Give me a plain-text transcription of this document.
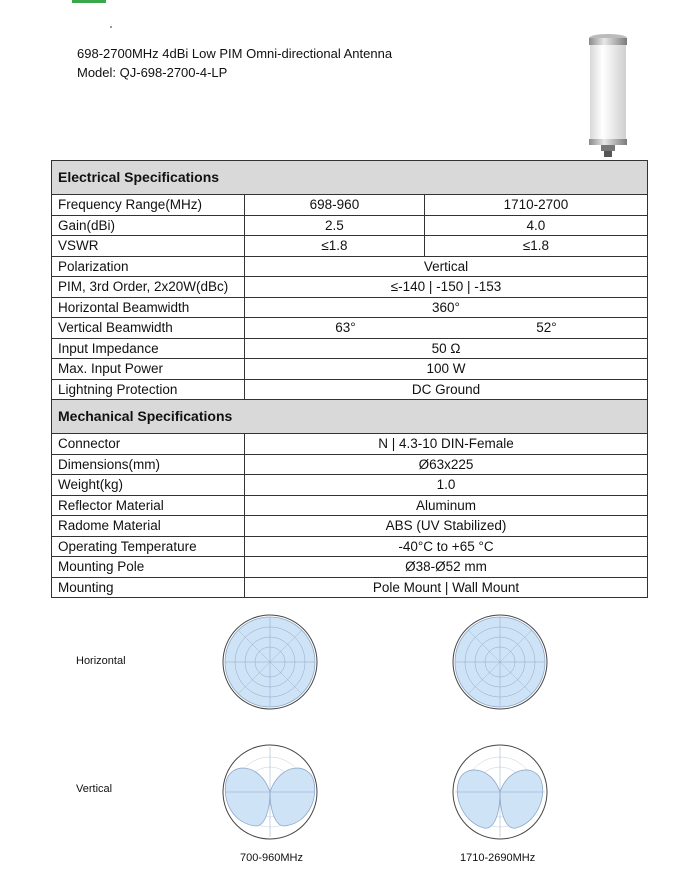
698-2700MHz 4dBi Low PIM Omni-directional Antenna
Model: QJ-698-2700-4-LP
Electrical Specifications		
Frequency Range(MHz)	698-960	1710-2700
Gain(dBi)	2.5	4.0
VSWR	≤1.8	≤1.8
Polarization	Vertical	
PIM, 3rd Order, 2x20W(dBc)	≤-140 | -150 | -153	
Horizontal Beamwidth	360°	
Vertical Beamwidth	63° 52°	

Input Impedance	50 Ω	
Max. Input Power	100 W	
Lightning Protection	DC Ground	
Mechanical Specifications		
Connector	N | 4.3-10 DIN-Female	
Dimensions(mm)	Ø63x225	
Weight(kg)	1.0	
Reflector Material	Aluminum	
Radome Material	ABS (UV Stabilized)	
Operating Temperature	-40°C to +65 °C	
Mounting Pole	Ø38-Ø52 mm	
Mounting	Pole Mount | Wall Mount	
Horizontal
Vertical
700-960MHz	1710-2690MHz
